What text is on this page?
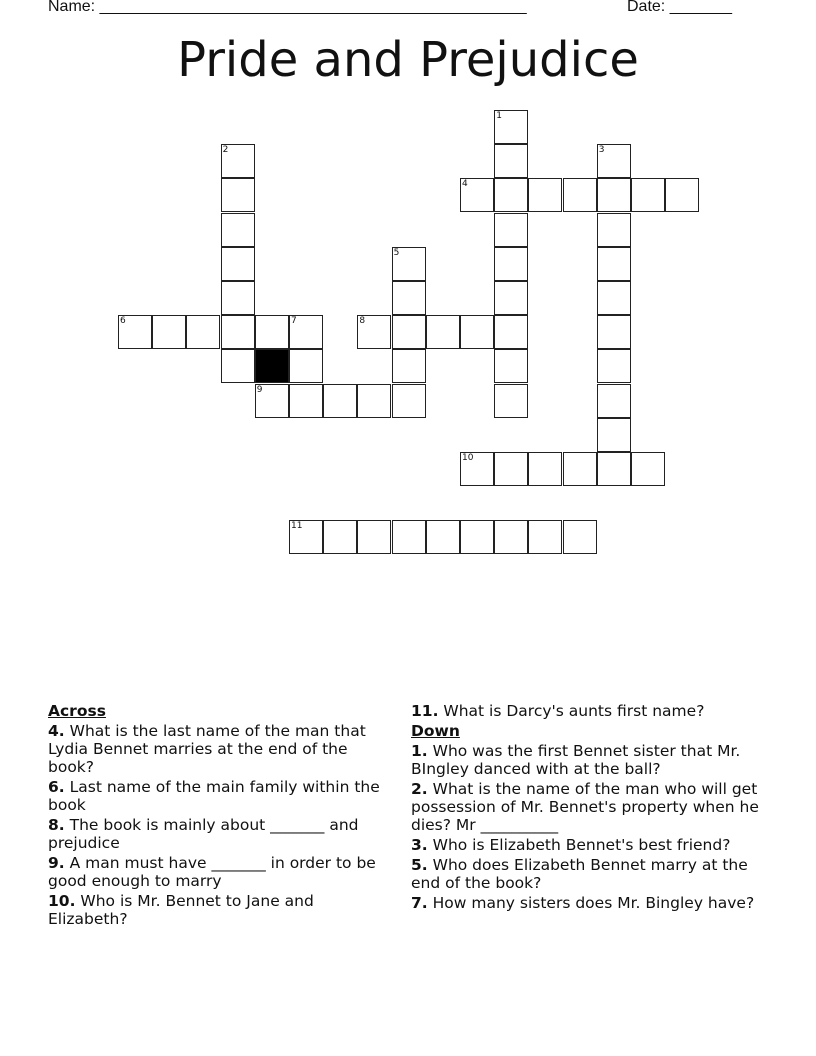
Name: ________________________________________________	Date: _______
Pride and Prejudice
1
2	3
4
5
6	7	8
9
10
11
Across
4. What is the last name of the man that Lydia Bennet marries at the end of the book?
6. Last name of the main family within the book
8. The book is mainly about _______ and prejudice
9. A man must have _______ in order to be good enough to marry
10. Who is Mr. Bennet to Jane and Elizabeth?
11. What is Darcy's aunts first name?
Down
1. Who was the first Bennet sister that Mr. BIngley danced with at the ball?
2. What is the name of the man who will get possession of Mr. Bennet's property when he dies? Mr __________
3. Who is Elizabeth Bennet's best friend?
5. Who does Elizabeth Bennet marry at the end of the book?
7. How many sisters does Mr. Bingley have?
